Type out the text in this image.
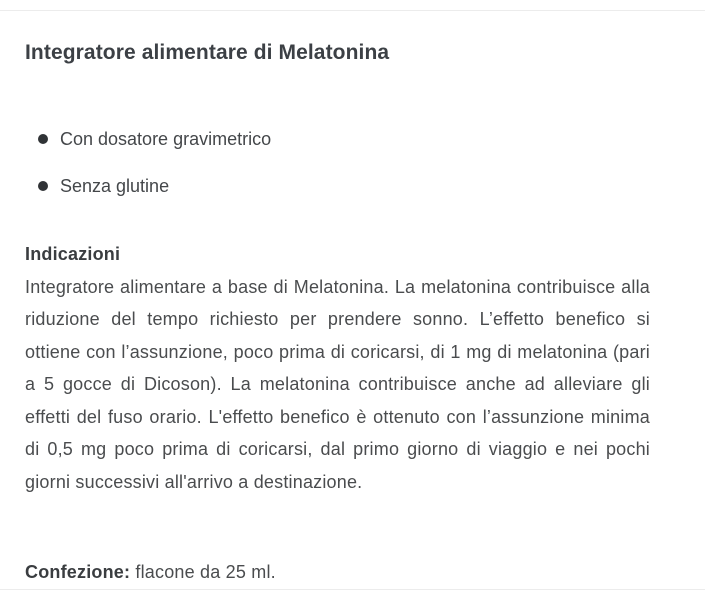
Integratore alimentare di Melatonina
Con dosatore gravimetrico
Senza glutine

Indicazioni
Integratore alimentare a base di Melatonina. La melatonina contribuisce alla riduzione del tempo richiesto per prendere sonno. L’effetto benefico si ottiene con l’assunzione, poco prima di coricarsi, di 1 mg di melatonina (pari a 5 gocce di Dicoson). La melatonina contribuisce anche ad alleviare gli effetti del fuso orario. L'effetto benefico è ottenuto con l’assunzione minima di 0,5 mg poco prima di coricarsi, dal primo giorno di viaggio e nei pochi giorni successivi all'arrivo a destinazione.

Confezione: flacone da 25 ml.
